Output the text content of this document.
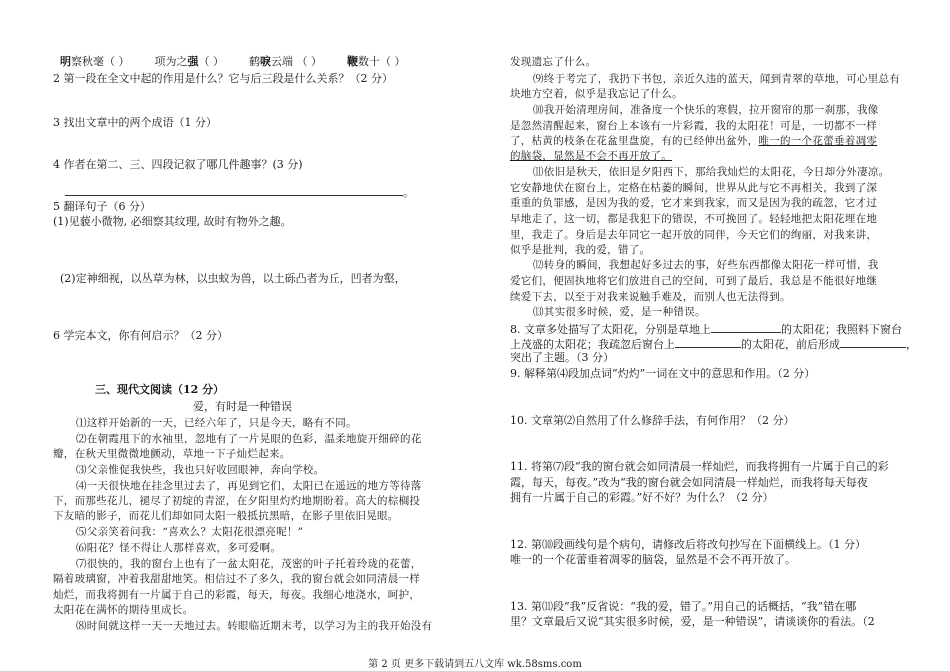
明察秋毫（ ） 项为之强（ ） 鹤唳云端 （ ） 鞭数十（ ）
2 第一段在全文中起的作用是什么？它与后三段是什么关系？（2 分）
3 找出文章中的两个成语（1 分）
4 作者在第二、三、四段记叙了哪几件趣事？(3 分)
。
5 翻译句子（6 分）
(1)见藐小微物, 必细察其纹理, 故时有物外之趣。
(2)定神细视，以丛草为林，以虫蚁为兽，以土砾凸者为丘，凹者为壑，
6 学完本文，你有何启示？（2 分）
三、现代文阅读（12 分）
爱，有时是一种错误
⑴这样开始新的一天，已经六年了，只是今天，略有不同。
⑵在朝霞甩下的水袖里，忽地有了一片晃眼的色彩，温柔地旋开细碎的花
瓣，在秋天里微微地颤动，草地一下子灿烂起来。
⑶父亲惟促我快些，我也只好收回眼神，奔向学校。
⑷一天很快地在挂念里过去了，再见到它们，太阳已在遥远的地方等待落
下，而那些花儿，褪尽了初绽的青涩，在夕阳里灼灼地期盼着。高大的棕榈投
下友暗的影子，而花儿们却如同太阳一般抵抗黑暗，在影子里依旧晃眼。
⑸父亲笑着问我：“喜欢么？太阳花很漂亮呢！”
⑹阳花？怪不得让人那样喜欢，多可爱啊。
⑺很快的，我的窗台上也有了一盆太阳花，茂密的叶子托着玲珑的花蕾，
隔着玻璃窗，冲着我甜甜地笑。相信过不了多久，我的窗台就会如同清晨一样
灿烂，而我将拥有一片属于自己的彩霞，每天，每夜。我细心地浇水，呵护，
太阳花在满怀的期待里成长。
⑻时间就这样一天一天地过去。转眼临近期末考，以学习为主的我开始没有
发现遗忘了什么。
⑼终于考完了，我扔下书包，亲近久违的蓝天，闻到青翠的草地，可心里总有
块地方空着，似乎是我忘记了什么。
⑽我开始清理房间，准备度一个快乐的寒假，拉开窗帘的那一刹那，我像
是忽然清醒起来，窗台上本该有一片彩霞，我的太阳花！可是，一切都不一样
了，枯黄的枝条在花盆里盘旋，有的已经伸出盆外，唯一的一个花蕾垂着凋零
的脑袋，显然是不会不再开放了。
⑾依旧是秋天，依旧是夕阳西下，那给我灿烂的太阳花，今日却分外凄凉。
它安静地伏在窗台上，定格在枯萎的瞬间，世界从此与它不再相关，我到了深
重重的负罪感，是因为我的爱，它才来到我家，而又是因为我的疏忽，它才过
早地走了，这一切，都是我犯下的错误，不可挽回了。轻轻地把太阳花埋在地
里，我走了。身后是去年同它一起开放的同伴，今天它们的绚丽，对我来讲，
似乎是批判，我的爱，错了。
⑿转身的瞬间，我想起好多过去的事，好些东西都像太阳花一样可惜，我
爱它们，便固执地将它们放进自己的空间，可到了最后，我总是不能很好地继
续爱下去，以至于对我来说触手难及，而别人也无法得到。
⒀其实很多时候，爱，是一种错误。
8. 文章多处描写了太阳花，分别是草地上	的太阳花；我照料下窗台
上茂盛的太阳花；我疏忽后窗台上	的太阳花，前后形成	，
突出了主题。（3 分）
9. 解释第⑷段加点词“灼灼”一词在文中的意思和作用。（2 分）
10. 文章第⑵自然用了什么修辞手法，有何作用？（2 分）
11. 将第⑺段“我的窗台就会如同清晨一样灿烂，而我将拥有一片属于自己的彩
霞，每天，每夜。”改为“我的窗台就会如同清晨一样灿烂，而我将每天每夜
拥有一片属于自己的彩霞。”好不好？为什么？（2 分）
12. 第⑽段画线句是个病句，请修改后将改句抄写在下面横线上。（1 分）
唯一的一个花蕾垂着凋零的脑袋，显然是不会不再开放了。
13. 第⑾段“我”反省说：“我的爱，错了。”用自己的话概括，“我”错在哪
里？文章最后又说“其实很多时候，爱，是一种错误”，请谈谈你的看法。（2
第 2 页 更多下载请到五八文库 wk.58sms.com
